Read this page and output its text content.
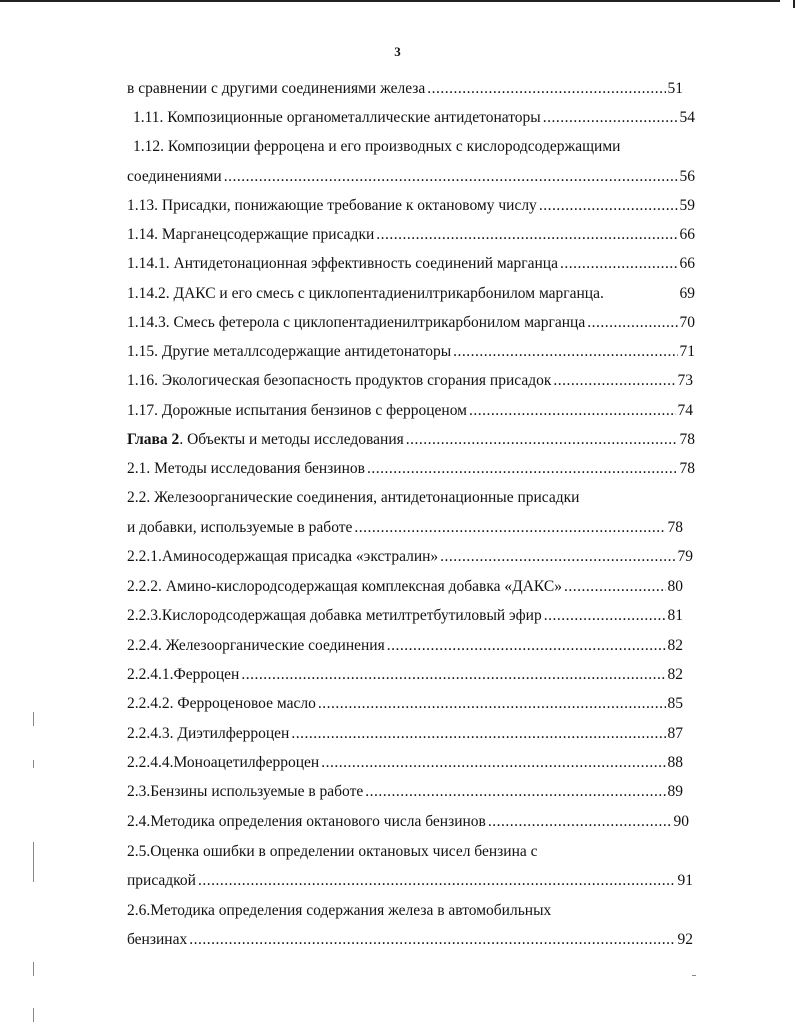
3
в сравнении с другими соединениями железа .....	51
1.11. Композиционные органометаллические антидетонаторы .....	54
1.12. Композиции ферроцена и его производных с кислородсодержащими
соединениями .....	56
1.13. Присадки, понижающие требование к октановому числу .....	59
1.14. Марганецсодержащие присадки .....	66
1.14.1. Антидетонационная эффективность соединений марганца .....	66
1.14.2. ДАКС и его смесь с циклопентадиенилтрикарбонилом марганца.	69
1.14.3. Смесь фетерола с циклопентадиенилтрикарбонилом марганца .....	70
1.15. Другие металлсодержащие антидетонаторы .....	71
1.16. Экологическая безопасность продуктов сгорания присадок .....	73
1.17. Дорожные испытания бензинов с ферроценом .....	74
Глава 2. Объекты и методы исследования .....	78
2.1. Методы исследования бензинов .....	78
2.2. Железоорганические соединения, антидетонационные присадки
и добавки, используемые в работе .....	78
2.2.1.Аминосодержащая присадка «экстралин» .....	79
2.2.2. Амино-кислородсодержащая комплексная добавка «ДАКС» .....	80
2.2.3.Кислородсодержащая добавка метилтретбутиловый эфир .....	81
2.2.4. Железоорганические соединения .....	82
2.2.4.1.Ферроцен .....	82
2.2.4.2. Ферроценовое масло .....	85
2.2.4.3. Диэтилферроцен .....	87
2.2.4.4.Моноацетилферроцен .....	88
2.3.Бензины используемые в работе .....	89
2.4.Методика определения октанового числа бензинов .....	90
2.5.Оценка ошибки в определении октановых чисел бензина с
присадкой .....	91
2.6.Методика определения содержания железа в автомобильных
бензинах .....	92
